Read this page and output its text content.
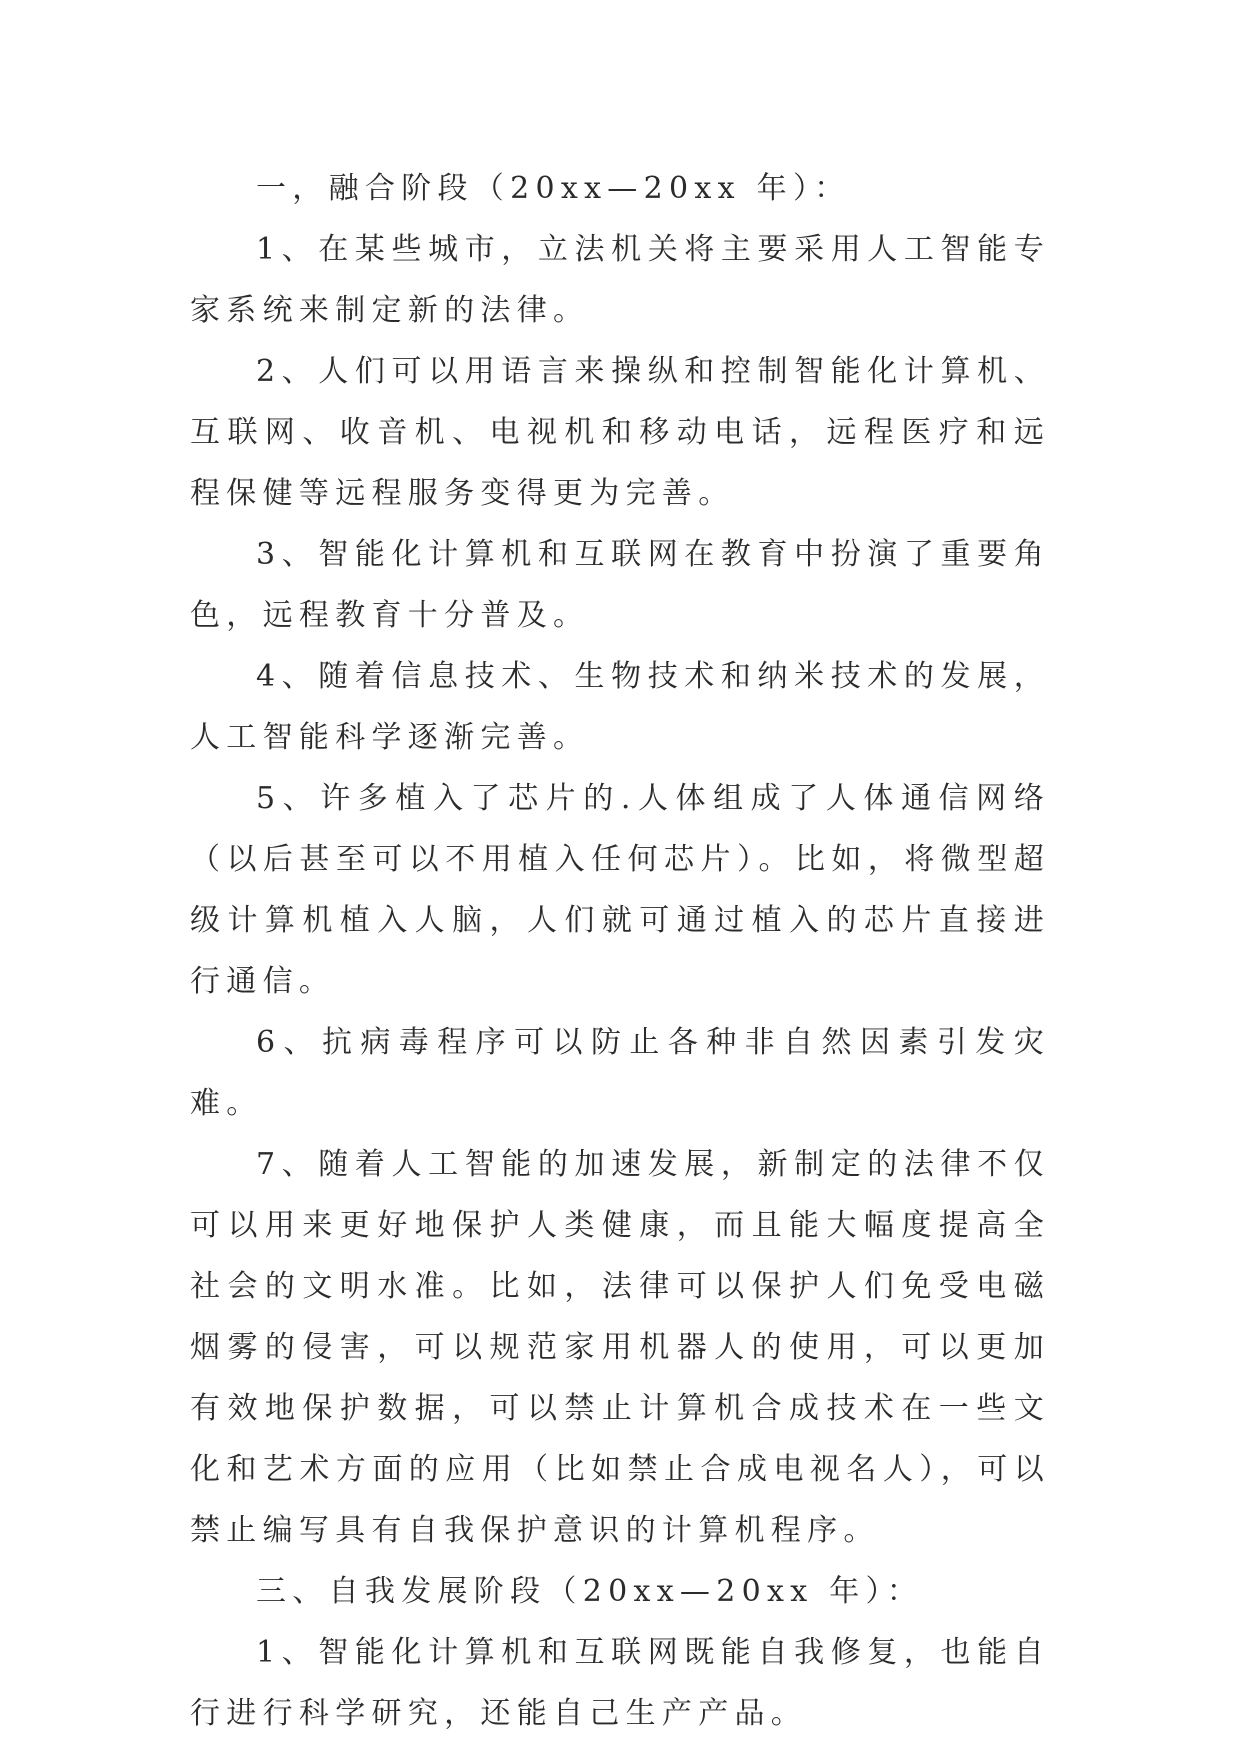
一，融合阶段（20xx—20xx 年）：

1、在某些城市，立法机关将主要采用人工智能专家系统来制定新的法律。

2、人们可以用语言来操纵和控制智能化计算机、互联网、收音机、电视机和移动电话，远程医疗和远程保健等远程服务变得更为完善。

3、智能化计算机和互联网在教育中扮演了重要角色，远程教育十分普及。

4、随着信息技术、生物技术和纳米技术的发展，人工智能科学逐渐完善。

5、许多植入了芯片的.人体组成了人体通信网络（以后甚至可以不用植入任何芯片）。比如，将微型超级计算机植入人脑，人们就可通过植入的芯片直接进行通信。

6、抗病毒程序可以防止各种非自然因素引发灾难。

7、随着人工智能的加速发展，新制定的法律不仅可以用来更好地保护人类健康，而且能大幅度提高全社会的文明水准。比如，法律可以保护人们免受电磁烟雾的侵害，可以规范家用机器人的使用，可以更加有效地保护数据，可以禁止计算机合成技术在一些文化和艺术方面的应用（比如禁止合成电视名人），可以禁止编写具有自我保护意识的计算机程序。

三、自我发展阶段（20xx—20xx 年）：

1、智能化计算机和互联网既能自我修复，也能自行进行科学研究，还能自己生产产品。
